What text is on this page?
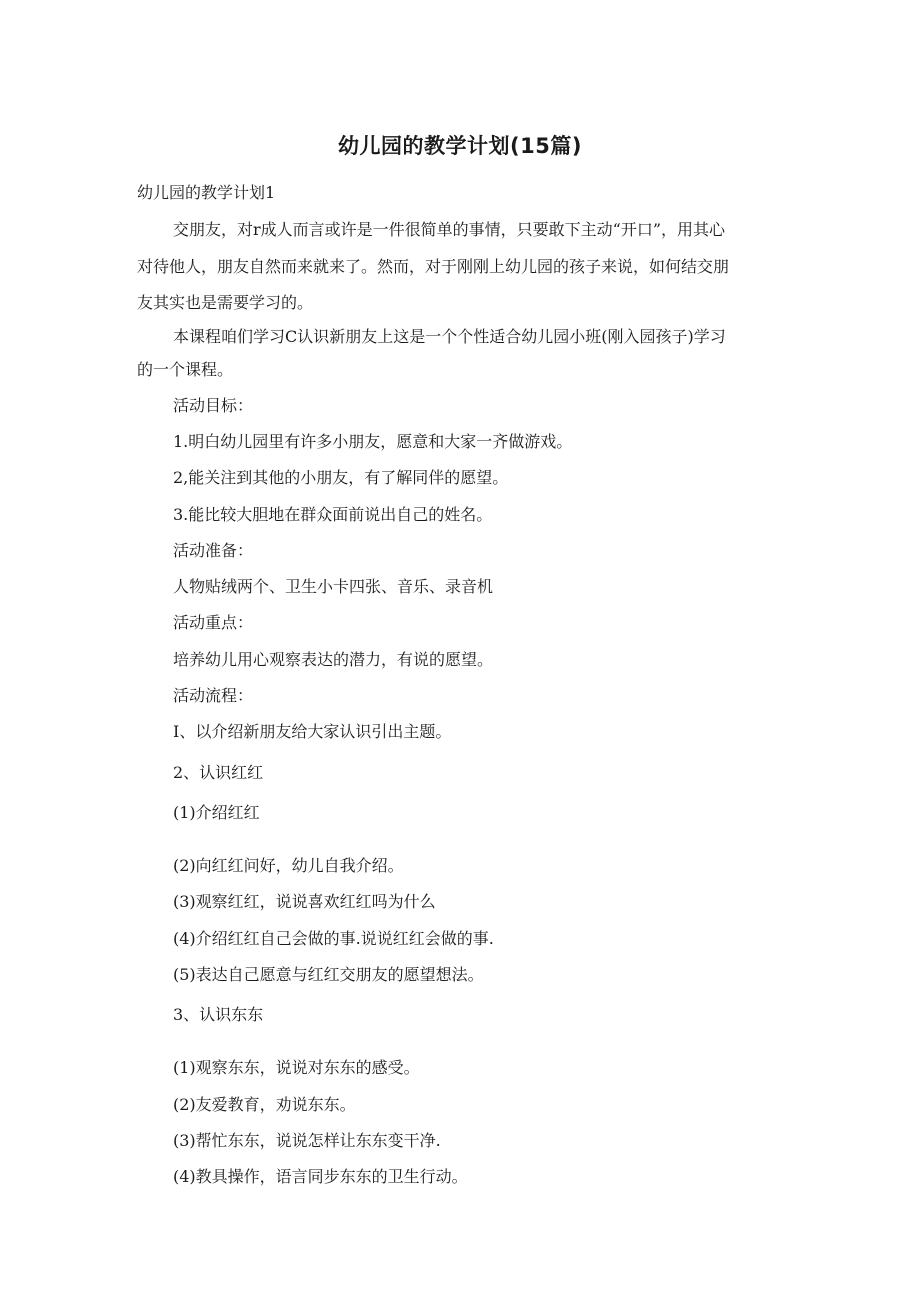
幼儿园的教学计划(15篇)

幼儿园的教学计划1

交朋友，对r成人而言或许是一件很简单的事情，只要敢下主动“开口”，用其心

对待他人，朋友自然而来就来了。然而，对于刚刚上幼儿园的孩子来说，如何结交朋

友其实也是需要学习的。

本课程咱们学习C认识新朋友上这是一个个性适合幼儿园小班(刚入园孩子)学习

的一个课程。

活动目标：

1.明白幼儿园里有许多小朋友，愿意和大家一齐做游戏。

2,能关注到其他的小朋友，有了解同伴的愿望。

3.能比较大胆地在群众面前说出自己的姓名。

活动准备：

人物贴绒两个、卫生小卡四张、音乐、录音机

活动重点：

培养幼儿用心观察表达的潜力，有说的愿望。

活动流程：

I、以介绍新朋友给大家认识引出主题。

2、认识红红

(1)介绍红红

(2)向红红问好，幼儿自我介绍。

(3)观察红红，说说喜欢红红吗为什么

(4)介绍红红自己会做的事.说说红红会做的事.

(5)表达自己愿意与红红交朋友的愿望想法。

3、认识东东

(1)观察东东，说说对东东的感受。

(2)友爱教育，劝说东东。

(3)帮忙东东，说说怎样让东东变干净.

(4)教具操作，语言同步东东的卫生行动。
